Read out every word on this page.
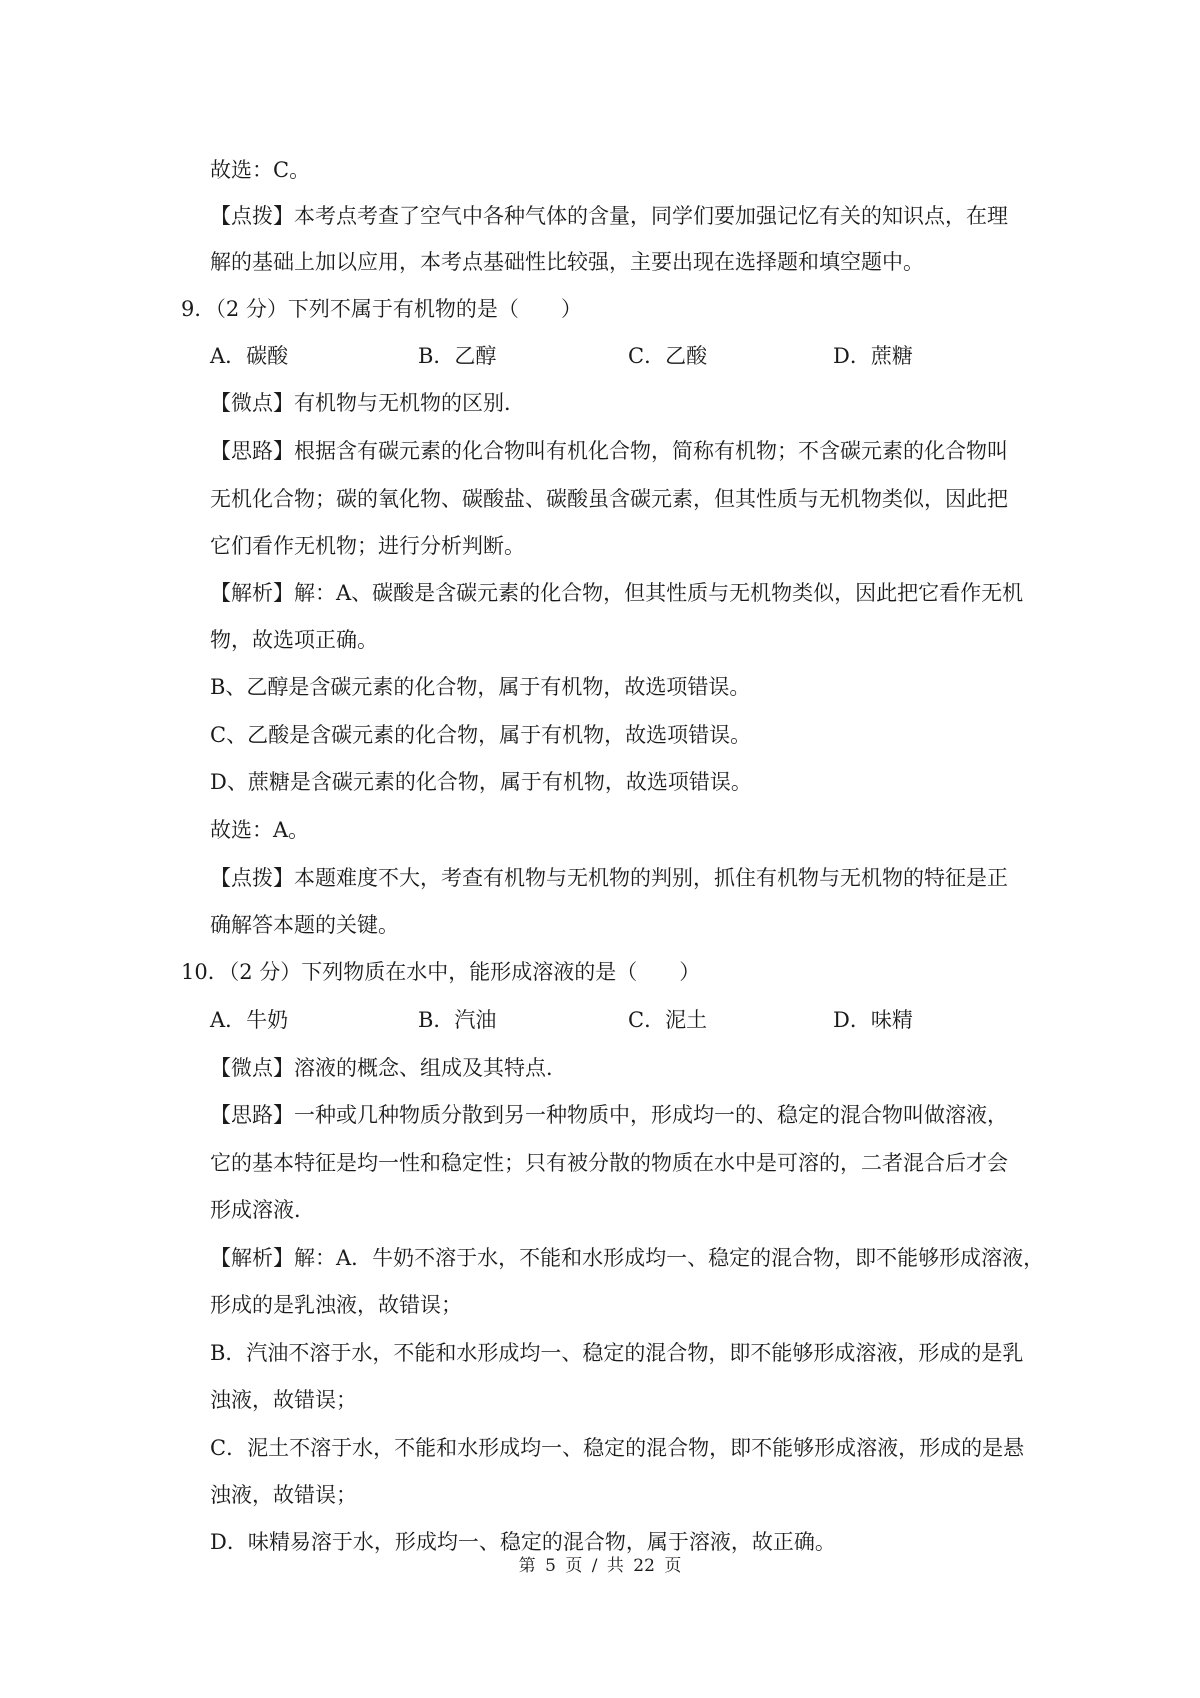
故选：C。
【点拨】本考点考查了空气中各种气体的含量，同学们要加强记忆有关的知识点，在理
解的基础上加以应用，本考点基础性比较强，主要出现在选择题和填空题中。
9．（2 分）下列不属于有机物的是（　　）
A．碳酸	B．乙醇	C．乙酸	D．蔗糖
【微点】有机物与无机物的区别．
【思路】根据含有碳元素的化合物叫有机化合物，简称有机物；不含碳元素的化合物叫
无机化合物；碳的氧化物、碳酸盐、碳酸虽含碳元素，但其性质与无机物类似，因此把
它们看作无机物；进行分析判断。
【解析】解：A、碳酸是含碳元素的化合物，但其性质与无机物类似，因此把它看作无机
物，故选项正确。
B、乙醇是含碳元素的化合物，属于有机物，故选项错误。
C、乙酸是含碳元素的化合物，属于有机物，故选项错误。
D、蔗糖是含碳元素的化合物，属于有机物，故选项错误。
故选：A。
【点拨】本题难度不大，考查有机物与无机物的判别，抓住有机物与无机物的特征是正
确解答本题的关键。
10．（2 分）下列物质在水中，能形成溶液的是（　　）
A．牛奶	B．汽油	C．泥土	D．味精
【微点】溶液的概念、组成及其特点．
【思路】一种或几种物质分散到另一种物质中，形成均一的、稳定的混合物叫做溶液，
它的基本特征是均一性和稳定性；只有被分散的物质在水中是可溶的，二者混合后才会
形成溶液．
【解析】解：A．牛奶不溶于水，不能和水形成均一、稳定的混合物，即不能够形成溶液，
形成的是乳浊液，故错误；
B．汽油不溶于水，不能和水形成均一、稳定的混合物，即不能够形成溶液，形成的是乳
浊液，故错误；
C．泥土不溶于水，不能和水形成均一、稳定的混合物，即不能够形成溶液，形成的是悬
浊液，故错误；
D．味精易溶于水，形成均一、稳定的混合物，属于溶液，故正确。
第 5 页 / 共 22 页
